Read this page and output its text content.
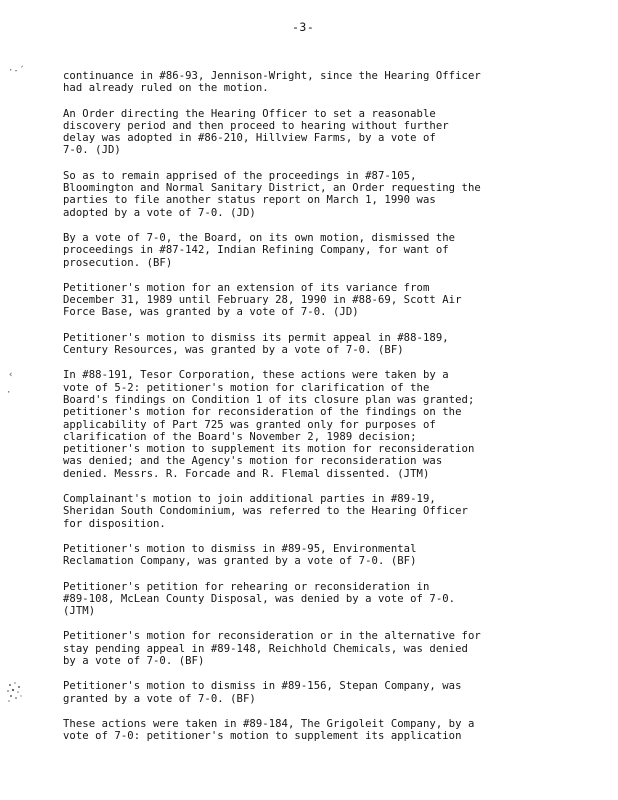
-3-
·‐´
‹
·

continuance in #86-93, Jennison-Wright, since the Hearing Officer
had already ruled on the motion.

An Order directing the Hearing Officer to set a reasonable
discovery period and then proceed to hearing without further
delay was adopted in #86-210, Hillview Farms, by a vote of
7-0. (JD)

So as to remain apprised of the proceedings in #87-105,
Bloomington and Normal Sanitary District, an Order requesting the
parties to file another status report on March 1, 1990 was
adopted by a vote of 7-0. (JD)

By a vote of 7-0, the Board, on its own motion, dismissed the
proceedings in #87-142, Indian Refining Company, for want of
prosecution. (BF)

Petitioner's motion for an extension of its variance from
December 31, 1989 until February 28, 1990 in #88-69, Scott Air
Force Base, was granted by a vote of 7-0. (JD)

Petitioner's motion to dismiss its permit appeal in #88-189,
Century Resources, was granted by a vote of 7-0. (BF)

In #88-191, Tesor Corporation, these actions were taken by a
vote of 5-2: petitioner's motion for clarification of the
Board's findings on Condition 1 of its closure plan was granted;
petitioner's motion for reconsideration of the findings on the
applicability of Part 725 was granted only for purposes of
clarification of the Board's November 2, 1989 decision;
petitioner's motion to supplement its motion for reconsideration
was denied; and the Agency's motion for reconsideration was
denied. Messrs. R. Forcade and R. Flemal dissented. (JTM)

Complainant's motion to join additional parties in #89-19,
Sheridan South Condominium, was referred to the Hearing Officer
for disposition.

Petitioner's motion to dismiss in #89-95, Environmental
Reclamation Company, was granted by a vote of 7-0. (BF)

Petitioner's petition for rehearing or reconsideration in
#89-108, McLean County Disposal, was denied by a vote of 7-0.
(JTM)

Petitioner's motion for reconsideration or in the alternative for
stay pending appeal in #89-148, Reichhold Chemicals, was denied
by a vote of 7-0. (BF)

Petitioner's motion to dismiss in #89-156, Stepan Company, was
granted by a vote of 7-0. (BF)

These actions were taken in #89-184, The Grigoleit Company, by a
vote of 7-0: petitioner's motion to supplement its application
